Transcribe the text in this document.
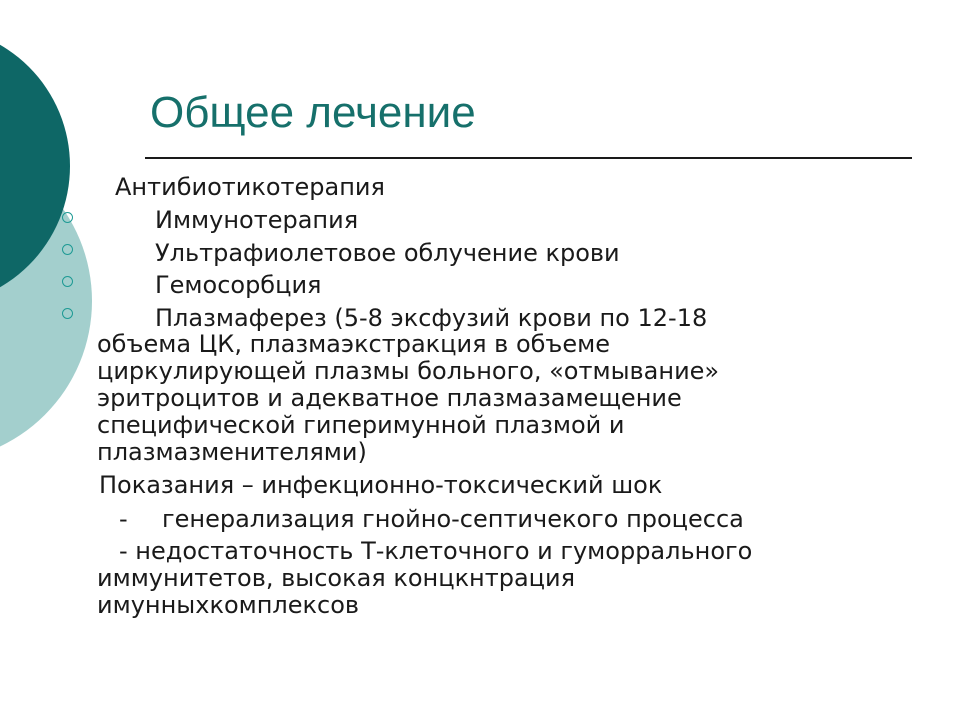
Общее лечение
Антибиотикотерапия
Иммунотерапия
Ультрафиолетовое облучение крови
Гемосорбция
Плазмаферез (5-8 эксфузий крови по 12-18
объема ЦК, плазмаэкстракция в объеме
циркулирующей плазмы больного, «отмывание»
эритроцитов и адекватное плазмазамещение
специфической гиперимунной плазмой и
плазмазменителями)
Показания – инфекционно-токсический шок
- генерализация гнойно-септичекого процесса
- недостаточность Т-клеточного и гуморрального
иммунитетов, высокая концкнтрация
имунныхкомплексов
